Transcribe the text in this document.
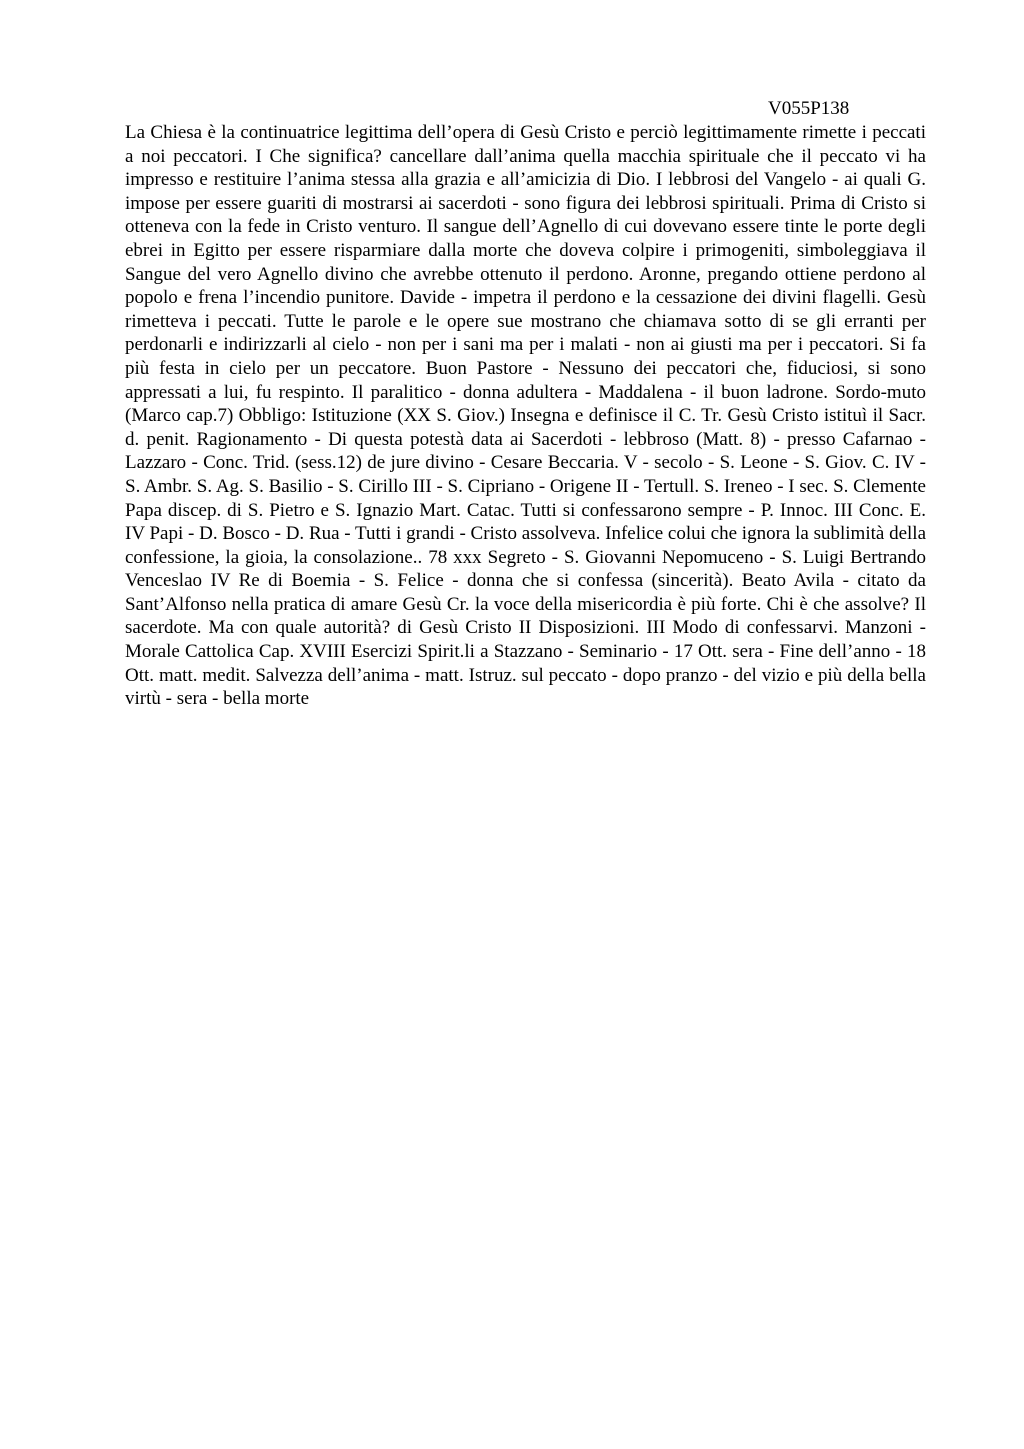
V055P138

La Chiesa è la continuatrice legittima dell’opera di Gesù Cristo e perciò legittimamente rimette i peccati a noi peccatori. I Che significa? cancellare dall’anima quella macchia spirituale che il peccato vi ha impresso e restituire l’anima stessa alla grazia e all’amicizia di Dio. I lebbrosi del Vangelo - ai quali G. impose per essere guariti di mostrarsi ai sacerdoti - sono figura dei lebbrosi spirituali. Prima di Cristo si otteneva con la fede in Cristo venturo. Il sangue dell’Agnello di cui dovevano essere tinte le porte degli ebrei in Egitto per essere risparmiare dalla morte che doveva colpire i primogeniti, simboleggiava il Sangue del vero Agnello divino che avrebbe ottenuto il perdono. Aronne, pregando ottiene perdono al popolo e frena l’incendio punitore. Davide - impetra il perdono e la cessazione dei divini flagelli. Gesù rimetteva i peccati. Tutte le parole e le opere sue mostrano che chiamava sotto di se gli erranti per perdonarli e indirizzarli al cielo - non per i sani ma per i malati - non ai giusti ma per i peccatori. Si fa più festa in cielo per un peccatore. Buon Pastore - Nessuno dei peccatori che, fiduciosi, si sono appressati a lui, fu respinto. Il paralitico - donna adultera - Maddalena - il buon ladrone. Sordo-muto (Marco cap.7) Obbligo: Istituzione (XX S. Giov.) Insegna e definisce il C. Tr. Gesù Cristo istituì il Sacr. d. penit. Ragionamento - Di questa potestà data ai Sacerdoti - lebbroso (Matt. 8) - presso Cafarnao - Lazzaro - Conc. Trid. (sess.12) de jure divino - Cesare Beccaria. V - secolo - S. Leone - S. Giov. C. IV - S. Ambr. S. Ag. S. Basilio - S. Cirillo III - S. Cipriano - Origene II - Tertull. S. Ireneo - I sec. S. Clemente Papa discep. di S. Pietro e S. Ignazio Mart. Catac. Tutti si confessarono sempre - P. Innoc. III Conc. E. IV Papi - D. Bosco - D. Rua - Tutti i grandi - Cristo assolveva. Infelice colui che ignora la sublimità della confessione, la gioia, la consolazione.. 78 xxx Segreto - S. Giovanni Nepomuceno - S. Luigi Bertrando Venceslao IV Re di Boemia - S. Felice - donna che si confessa (sincerità). Beato Avila - citato da Sant’Alfonso nella pratica di amare Gesù Cr. la voce della misericordia è più forte. Chi è che assolve? Il sacerdote. Ma con quale autorità? di Gesù Cristo II Disposizioni. III Modo di confessarvi. Manzoni - Morale Cattolica Cap. XVIII Esercizi Spirit.li a Stazzano - Seminario - 17 Ott. sera - Fine dell’anno - 18 Ott. matt. medit. Salvezza dell’anima - matt. Istruz. sul peccato - dopo pranzo - del vizio e più della bella virtù - sera - bella morte
